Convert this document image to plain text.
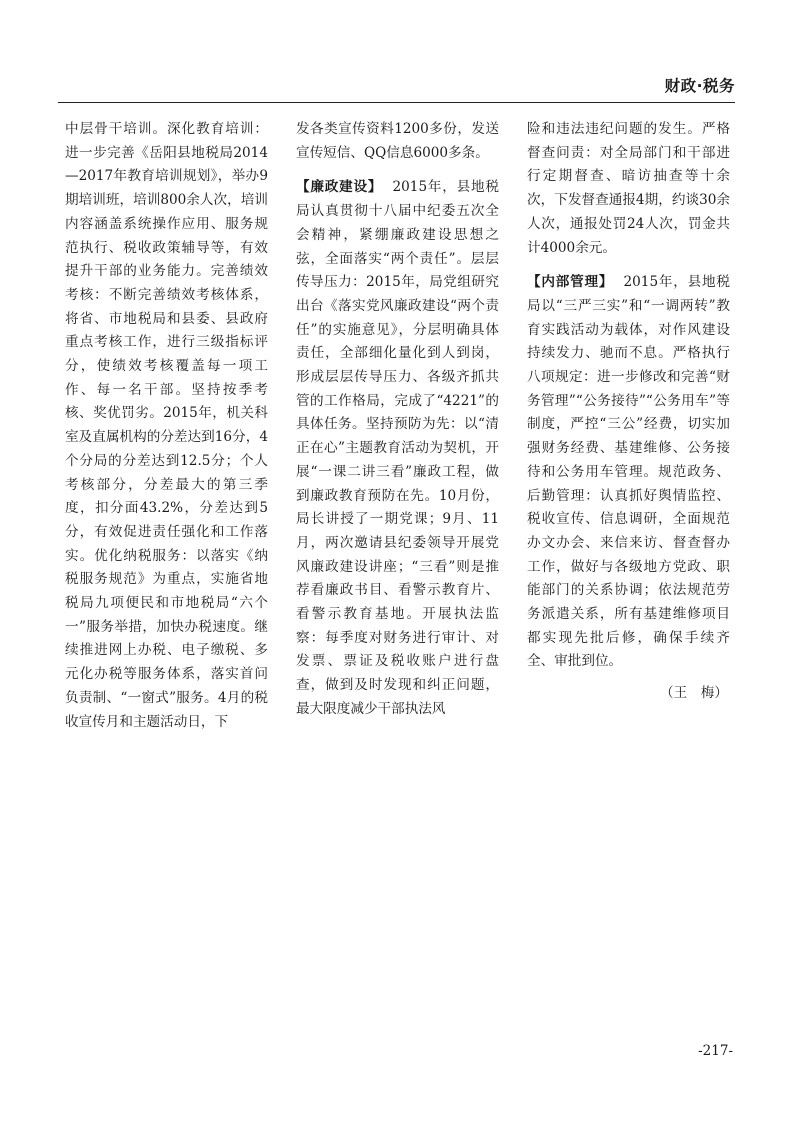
财政·税务

中层骨干培训。深化教育培训：进一步完善《岳阳县地税局2014—2017年教育培训规划》，举办9期培训班，培训800余人次，培训内容涵盖系统操作应用、服务规范执行、税收政策辅导等，有效提升干部的业务能力。完善绩效考核：不断完善绩效考核体系，将省、市地税局和县委、县政府重点考核工作，进行三级指标评分，使绩效考核覆盖每一项工作、每一名干部。坚持按季考核、奖优罚劣。2015年，机关科室及直属机构的分差达到16分，4个分局的分差达到12.5分；个人考核部分，分差最大的第三季度，扣分面43.2%，分差达到5分，有效促进责任强化和工作落实。优化纳税服务：以落实《纳税服务规范》为重点，实施省地税局九项便民和市地税局“六个一”服务举措，加快办税速度。继续推进网上办税、电子缴税、多元化办税等服务体系，落实首问负责制、“一窗式”服务。4月的税收宣传月和主题活动日，下

发各类宣传资料1200多份，发送宣传短信、QQ信息6000多条。

【廉政建设】 2015年，县地税局认真贯彻十八届中纪委五次全会精神，紧绷廉政建设思想之弦，全面落实“两个责任”。层层传导压力：2015年，局党组研究出台《落实党风廉政建设“两个责任”的实施意见》，分层明确具体责任，全部细化量化到人到岗，形成层层传导压力、各级齐抓共管的工作格局，完成了“4221”的具体任务。坚持预防为先：以“清正在心”主题教育活动为契机，开展“一课二讲三看”廉政工程，做到廉政教育预防在先。10月份，局长讲授了一期党课；9月、11月，两次邀请县纪委领导开展党风廉政建设讲座；“三看”则是推荐看廉政书目、看警示教育片、看警示教育基地。开展执法监察：每季度对财务进行审计、对发票、票证及税收账户进行盘查，做到及时发现和纠正问题，最大限度减少干部执法风

险和违法违纪问题的发生。严格督查问责：对全局部门和干部进行定期督查、暗访抽查等十余次，下发督查通报4期，约谈30余人次，通报处罚24人次，罚金共计4000余元。

【内部管理】 2015年，县地税局以“三严三实”和“一调两转”教育实践活动为载体，对作风建设持续发力、驰而不息。严格执行八项规定：进一步修改和完善“财务管理”“公务接待”“公务用车”等制度，严控“三公”经费，切实加强财务经费、基建维修、公务接待和公务用车管理。规范政务、后勤管理：认真抓好舆情监控、税收宣传、信息调研，全面规范办文办会、来信来访、督查督办工作，做好与各级地方党政、职能部门的关系协调；依法规范劳务派遣关系，所有基建维修项目都实现先批后修，确保手续齐全、审批到位。

（王　梅）

-217-
